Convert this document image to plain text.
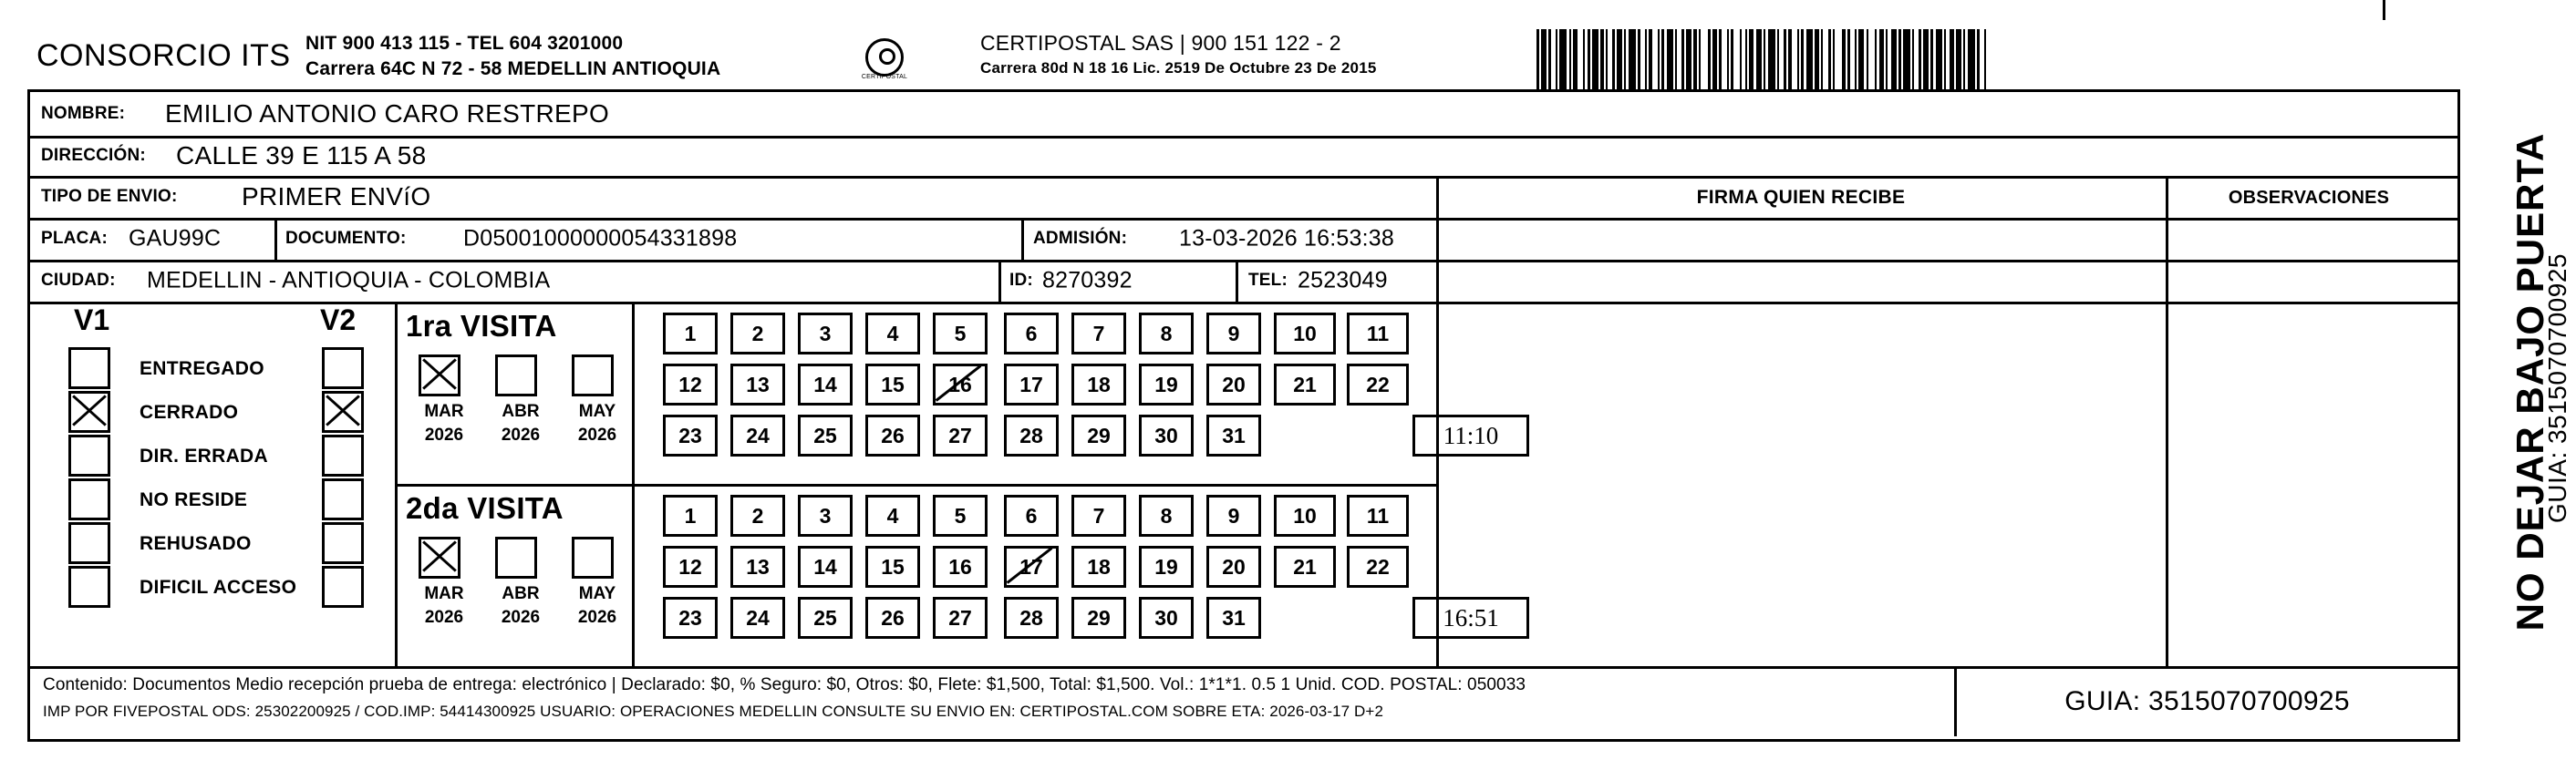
CONSORCIO ITS NIT 900 413 115 - TEL 604 3201000
Carrera 64C N 72 - 58 MEDELLIN ANTIOQUIA	CERTIPOSTAL
CERTIPOSTAL SAS | 900 151 122 - 2
Carrera 80d N 18 16 Lic. 2519 De Octubre 23 De 2015
NOMBRE: EMILIO ANTONIO CARO RESTREPO
DIRECCIÓN: CALLE 39 E 115 A 58
TIPO DE ENVIO:	PRIMER ENVíO	FIRMA QUIEN RECIBE	OBSERVACIONES
PLACA: GAU99C	DOCUMENTO: D05001000000054331898	ADMISIÓN: 13-03-2026 16:53:38
CIUDAD: MEDELLIN - ANTIOQUIA - COLOMBIA	ID: 8270392	TEL: 2523049
V1	V2
ENTREGADO
CERRADO
DIR. ERRADA
NO RESIDE
REHUSADO
DIFICIL ACCESO
1ra VISITA
MAR
2026
ABR
2026
MAY
2026
1	2	3	4	5	6	7	8	9	10	11
12	13	14	15	16	17	18	19	20	21	22
23	24	25	26	27	28	29	30	31	11:10
2da VISITA
MAR
2026
ABR
2026
MAY
2026
1	2	3	4	5	6	7	8	9	10	11
12	13	14	15	16	17	18	19	20	21	22
23	24	25	26	27	28	29	30	31	16:51
Contenido: Documentos Medio recepción prueba de entrega: electrónico | Declarado: $0, % Seguro: $0, Otros: $0, Flete: $1,500, Total: $1,500. Vol.: 1*1*1. 0.5 1 Unid. COD. POSTAL: 050033
IMP POR FIVEPOSTAL ODS: 25302200925 / COD.IMP: 54414300925 USUARIO: OPERACIONES MEDELLIN CONSULTE SU ENVIO EN: CERTIPOSTAL.COM SOBRE ETA: 2026-03-17 D+2	GUIA: 3515070700925
NO DEJAR BAJO PUERTA
GUIA: 3515070700925
